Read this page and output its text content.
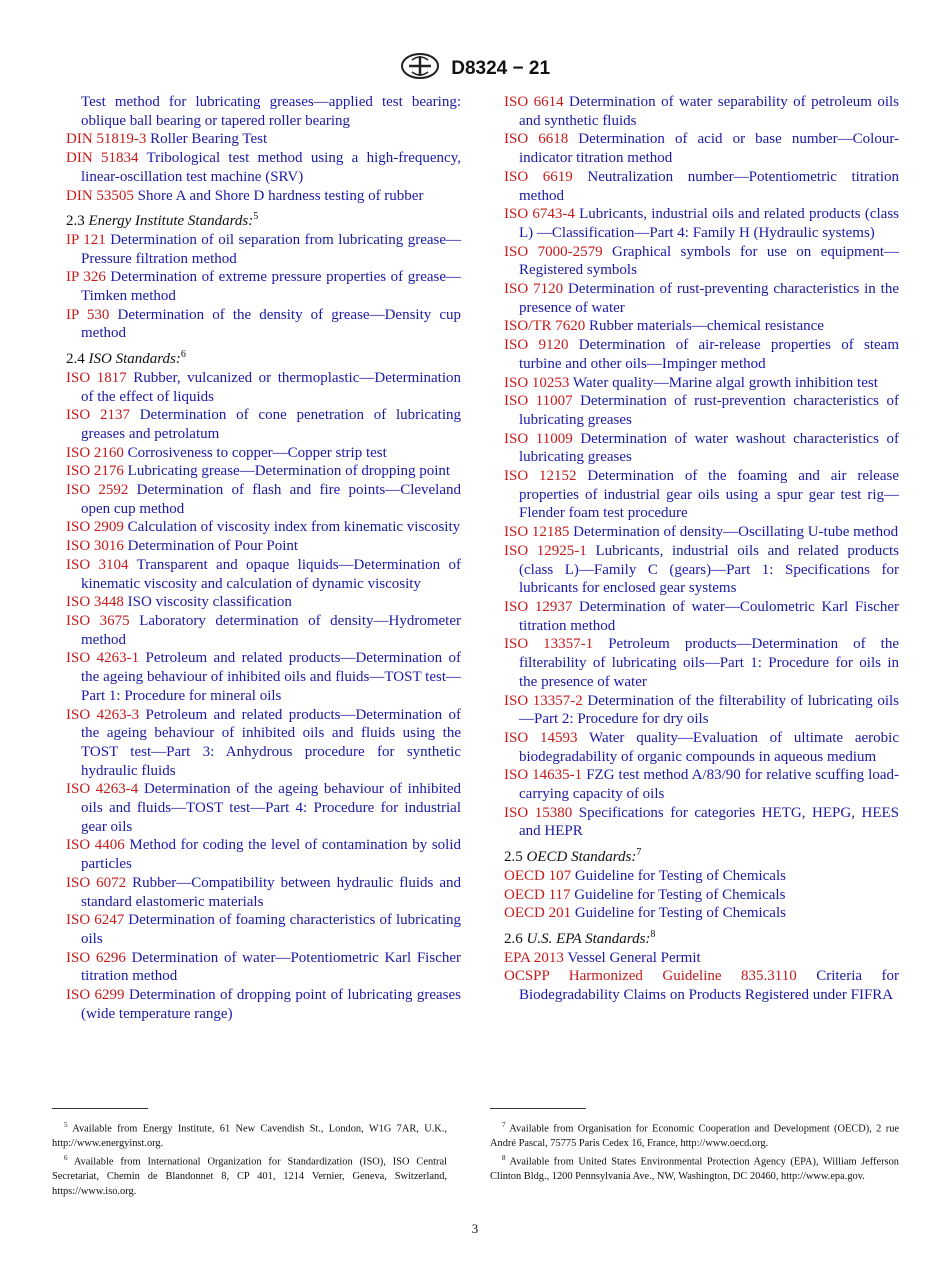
D8324 − 21
Test method for lubricating greases—applied test bearing: oblique ball bearing or tapered roller bearing
DIN 51819-3 Roller Bearing Test
DIN 51834 Tribological test method using a high-frequency, linear-oscillation test machine (SRV)
DIN 53505 Shore A and Shore D hardness testing of rubber
2.3 Energy Institute Standards:$^5$
IP 121 Determination of oil separation from lubricating grease—Pressure filtration method
IP 326 Determination of extreme pressure properties of grease—Timken method
IP 530 Determination of the density of grease—Density cup method
2.4 ISO Standards:$^6$
ISO 1817 Rubber, vulcanized or thermoplastic—Determination of the effect of liquids
ISO 2137 Determination of cone penetration of lubricating greases and petrolatum
ISO 2160 Corrosiveness to copper—Copper strip test
ISO 2176 Lubricating grease—Determination of dropping point
ISO 2592 Determination of flash and fire points—Cleveland open cup method
ISO 2909 Calculation of viscosity index from kinematic viscosity
ISO 3016 Determination of Pour Point
ISO 3104 Transparent and opaque liquids—Determination of kinematic viscosity and calculation of dynamic viscosity
ISO 3448 ISO viscosity classification
ISO 3675 Laboratory determination of density—Hydrometer method
ISO 4263-1 Petroleum and related products—Determination of the ageing behaviour of inhibited oils and fluids—TOST test—Part 1: Procedure for mineral oils
ISO 4263-3 Petroleum and related products—Determination of the ageing behaviour of inhibited oils and fluids using the TOST test—Part 3: Anhydrous procedure for synthetic hydraulic fluids
ISO 4263-4 Determination of the ageing behaviour of inhibited oils and fluids—TOST test—Part 4: Procedure for industrial gear oils
ISO 4406 Method for coding the level of contamination by solid particles
ISO 6072 Rubber—Compatibility between hydraulic fluids and standard elastomeric materials
ISO 6247 Determination of foaming characteristics of lubricating oils
ISO 6296 Determination of water—Potentiometric Karl Fischer titration method
ISO 6299 Determination of dropping point of lubricating greases (wide temperature range)
ISO 6614 Determination of water separability of petroleum oils and synthetic fluids
ISO 6618 Determination of acid or base number—Colour-indicator titration method
ISO 6619 Neutralization number—Potentiometric titration method
ISO 6743-4 Lubricants, industrial oils and related products (class L) —Classification—Part 4: Family H (Hydraulic systems)
ISO 7000-2579 Graphical symbols for use on equipment—Registered symbols
ISO 7120 Determination of rust-preventing characteristics in the presence of water
ISO/TR 7620 Rubber materials—chemical resistance
ISO 9120 Determination of air-release properties of steam turbine and other oils—Impinger method
ISO 10253 Water quality—Marine algal growth inhibition test
ISO 11007 Determination of rust-prevention characteristics of lubricating greases
ISO 11009 Determination of water washout characteristics of lubricating greases
ISO 12152 Determination of the foaming and air release properties of industrial gear oils using a spur gear test rig—Flender foam test procedure
ISO 12185 Determination of density—Oscillating U-tube method
ISO 12925-1 Lubricants, industrial oils and related products (class L)—Family C (gears)—Part 1: Specifications for lubricants for enclosed gear systems
ISO 12937 Determination of water—Coulometric Karl Fischer titration method
ISO 13357-1 Petroleum products—Determination of the filterability of lubricating oils—Part 1: Procedure for oils in the presence of water
ISO 13357-2 Determination of the filterability of lubricating oils—Part 2: Procedure for dry oils
ISO 14593 Water quality—Evaluation of ultimate aerobic biodegradability of organic compounds in aqueous medium
ISO 14635-1 FZG test method A/83/90 for relative scuffing load-carrying capacity of oils
ISO 15380 Specifications for categories HETG, HEPG, HEES and HEPR
2.5 OECD Standards:$^7$
OECD 107 Guideline for Testing of Chemicals
OECD 117 Guideline for Testing of Chemicals
OECD 201 Guideline for Testing of Chemicals
2.6 U.S. EPA Standards:$^8$
EPA 2013 Vessel General Permit
OCSPP Harmonized Guideline 835.3110 Criteria for Biodegradability Claims on Products Registered under FIFRA

$^5$ Available from Energy Institute, 61 New Cavendish St., London, W1G 7AR, U.K., http://www.energyinst.org.

$^6$ Available from International Organization for Standardization (ISO), ISO Central Secretariat, Chemin de Blandonnet 8, CP 401, 1214 Vernier, Geneva, Switzerland, https://www.iso.org.

$^7$ Available from Organisation for Economic Cooperation and Development (OECD), 2 rue André Pascal, 75775 Paris Cedex 16, France, http://www.oecd.org.

$^8$ Available from United States Environmental Protection Agency (EPA), William Jefferson Clinton Bldg., 1200 Pennsylvania Ave., NW, Washington, DC 20460, http://www.epa.gov.

3
